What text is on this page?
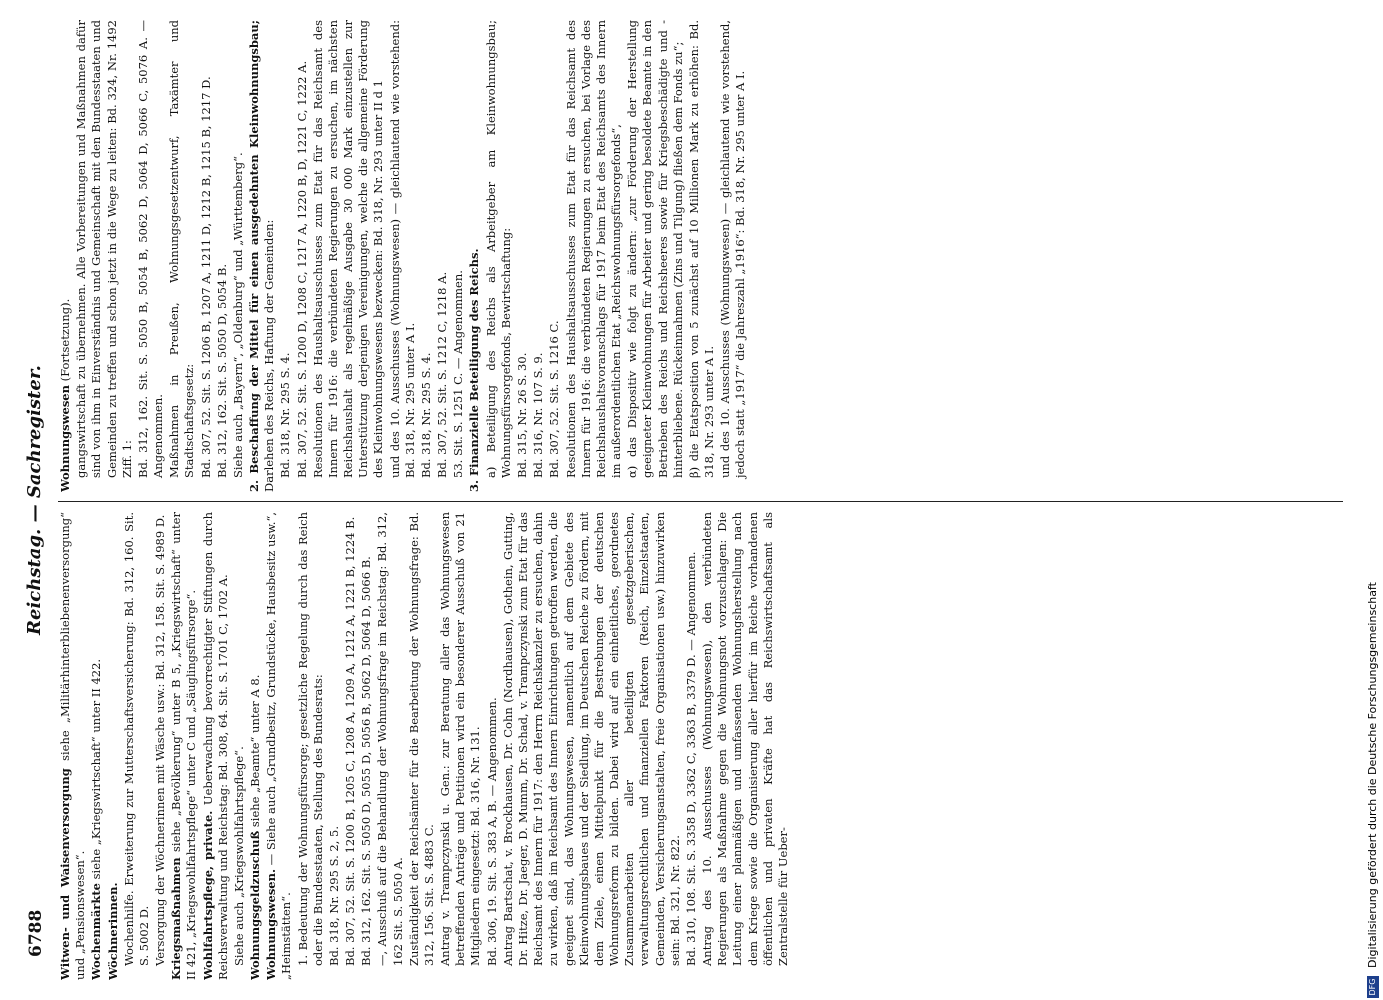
6788
Reichstag. — Sachregister.

Witwen- und Waisenversorgung siehe „Militärhinterbliebenenversorgung“ und „Pensionswesen“. Wochenmärkte siehe „Kriegswirtschaft“ unter II 422.

Wöchnerinnen. Wochenhilfe. Erweiterung zur Mutterschaftsversicherung: Bd. 312, 160. Sit. S. 5002 D. Versorgung der Wöchnerinnen mit Wäsche usw.: Bd. 312, 158. Sit. S. 4989 D. Kriegsmaßnahmen siehe „Bevölkerung“ unter B 5, „Kriegswirtschaft“ unter II 421, „Kriegswohlfahrtspflege“ unter C und „Säuglingsfürsorge“. Wohlfahrtspflege, private. Ueberwachung bevorrechtigter Stiftungen durch Reichsverwaltung und Reichstag: Bd. 308, 64. Sit. S. 1701 C, 1702 A. Siehe auch „Kriegswohlfahrtspflege“. Wohnungsgeldzuschuß siehe „Beamte“ unter A 8.

Wohnungswesen. — Siehe auch „Grundbesitz, Grundstücke, Hausbesitz usw.“, „Heimstätten“. 1. Bedeutung der Wohnungsfürsorge; gesetzliche Regelung durch das Reich oder die Bundesstaaten, Stellung des Bundesrats: Bd. 318, Nr. 295 S. 2, 5. Bd. 307, 52. Sit. S. 1200 B, 1205 C, 1208 A, 1209 A, 1212 A, 1221 B, 1224 B. Bd. 312, 162. Sit. S. 5050 D, 5055 D, 5056 B, 5062 D, 5064 D, 5066 B. —, Ausschuß auf die Behandlung der Wohnungsfrage im Reichstag: Bd. 312, 162 Sit. S. 5050 A. Zuständigkeit der Reichsämter für die Bearbeitung der Wohnungsfrage: Bd. 312, 156. Sit. S. 4883 C. Antrag v. Trampczynski u. Gen.: zur Beratung aller das Wohnungswesen betreffenden Anträge und Petitionen wird ein besonderer Ausschuß von 21 Mitgliedern eingesetzt: Bd. 316, Nr. 131. Bd. 306, 19. Sit. S. 383 A, B. — Angenommen. Antrag Bartschat, v. Brockhausen, Dr. Cohn (Nordhausen), Gothein, Gutting, Dr. Hitze, Dr. Jaeger, D. Mumm, Dr. Schad, v. Trampczynski zum Etat für das Reichsamt des Innern für 1917: den Herrn Reichskanzler zu ersuchen, dahin zu wirken, daß im Reichsamt des Innern Einrichtungen getroffen werden, die geeignet sind, das Wohnungswesen, namentlich auf dem Gebiete des Kleinwohnungsbaues und der Siedlung, im Deutschen Reiche zu fördern, mit dem Ziele, einen Mittelpunkt für die Bestrebungen der deutschen Wohnungsreform zu bilden. Dabei wird auf ein einheitliches, geordnetes Zusammenarbeiten aller beteiligten gesetzgeberischen, verwaltungsrechtlichen und finanziellen Faktoren (Reich, Einzelstaaten, Gemeinden, Versicherungsanstalten, freie Organisationen usw.) hinzuwirken sein: Bd. 321, Nr. 822. Bd. 310, 108. Sit. S. 3358 D, 3362 C, 3363 B, 3379 D. — Angenommen. Antrag des 10. Ausschusses (Wohnungswesen), den verbündeten Regierungen als Maßnahme gegen die Wohnungsnot vorzuschlagen: Die Leitung einer planmäßigen und umfassenden Wohnungsherstellung nach dem Kriege sowie die Organisierung aller hierfür im Reiche vorhandenen öffentlichen und privaten Kräfte hat das Reichswirtschaftsamt als Zentralstelle für Ueber-

Wohnungswesen (Fortsetzung). gangswirtschaft zu übernehmen. Alle Vorbereitungen und Maßnahmen dafür sind von ihm in Einverständnis und Gemeinschaft mit den Bundesstaaten und Gemeinden zu treffen und schon jetzt in die Wege zu leiten: Bd. 324, Nr. 1492 Ziff. 1: Bd. 312, 162. Sit. S. 5050 B, 5054 B, 5062 D, 5064 D, 5066 C, 5076 A. — Angenommen. Maßnahmen in Preußen, Wohnungsgesetzentwurf, Taxämter und Stadtschaftsgesetz: Bd. 307, 52. Sit. S. 1206 B, 1207 A, 1211 D, 1212 B, 1215 B, 1217 D. Bd. 312, 162. Sit. S. 5050 D, 5054 B. Siehe auch „Bayern“, „Oldenburg“ und „Württemberg“. 2. Beschaffung der Mittel für einen ausgedehnten Kleinwohnungsbau; Darlehen des Reichs, Haftung der Gemeinden: Bd. 318, Nr. 295 S. 4. Bd. 307, 52. Sit. S. 1200 D, 1208 C, 1217 A, 1220 B, D, 1221 C, 1222 A. Resolutionen des Haushaltsausschusses zum Etat für das Reichsamt des Innern für 1916: die verbündeten Regierungen zu ersuchen, im nächsten Reichshaushalt als regelmäßige Ausgabe 30 000 Mark einzustellen zur Unterstützung derjenigen Vereinigungen, welche die allgemeine Förderung des Kleinwohnungswesens bezwecken: Bd. 318, Nr. 293 unter II d 1 und des 10. Ausschusses (Wohnungswesen) — gleichlautend wie vorstehend: Bd. 318, Nr. 295 unter A I. Bd. 318, Nr. 295 S. 4. Bd. 307, 52. Sit. S. 1212 C, 1218 A. 53. Sit. S. 1251 C. — Angenommen. 3. Finanzielle Beteiligung des Reichs. a) Beteiligung des Reichs als Arbeitgeber am Kleinwohnungsbau; Wohnungsfürsorgefonds, Bewirtschaftung: Bd. 315, Nr. 26 S. 30. Bd. 316, Nr. 107 S. 9. Bd. 307, 52. Sit. S. 1216 C. Resolutionen des Haushaltsausschusses zum Etat für das Reichsamt des Innern für 1916: die verbündeten Regierungen zu ersuchen, bei Vorlage des Reichshaushaltsvoranschlags für 1917 beim Etat des Reichsamts des Innern im außerordentlichen Etat „Reichswohnungsfürsorgefonds“, α) das Dispositiv wie folgt zu ändern: „zur Förderung der Herstellung geeigneter Kleinwohnungen für Arbeiter und gering besoldete Beamte in den Betrieben des Reichs und Reichsheeres sowie für Kriegsbeschädigte und -hinterbliebene. Rückeinnahmen (Zins und Tilgung) fließen dem Fonds zu“; β) die Etatsposition von 5 zunächst auf 10 Millionen Mark zu erhöhen: Bd. 318, Nr. 293 unter A I. und des 10. Ausschusses (Wohnungswesen) — gleichlautend wie vorstehend, jedoch statt „1917“ die Jahreszahl „1916“: Bd. 318, Nr. 295 unter A I.

DFG
Digitalisierung gefördert durch die Deutsche Forschungsgemeinschaft
